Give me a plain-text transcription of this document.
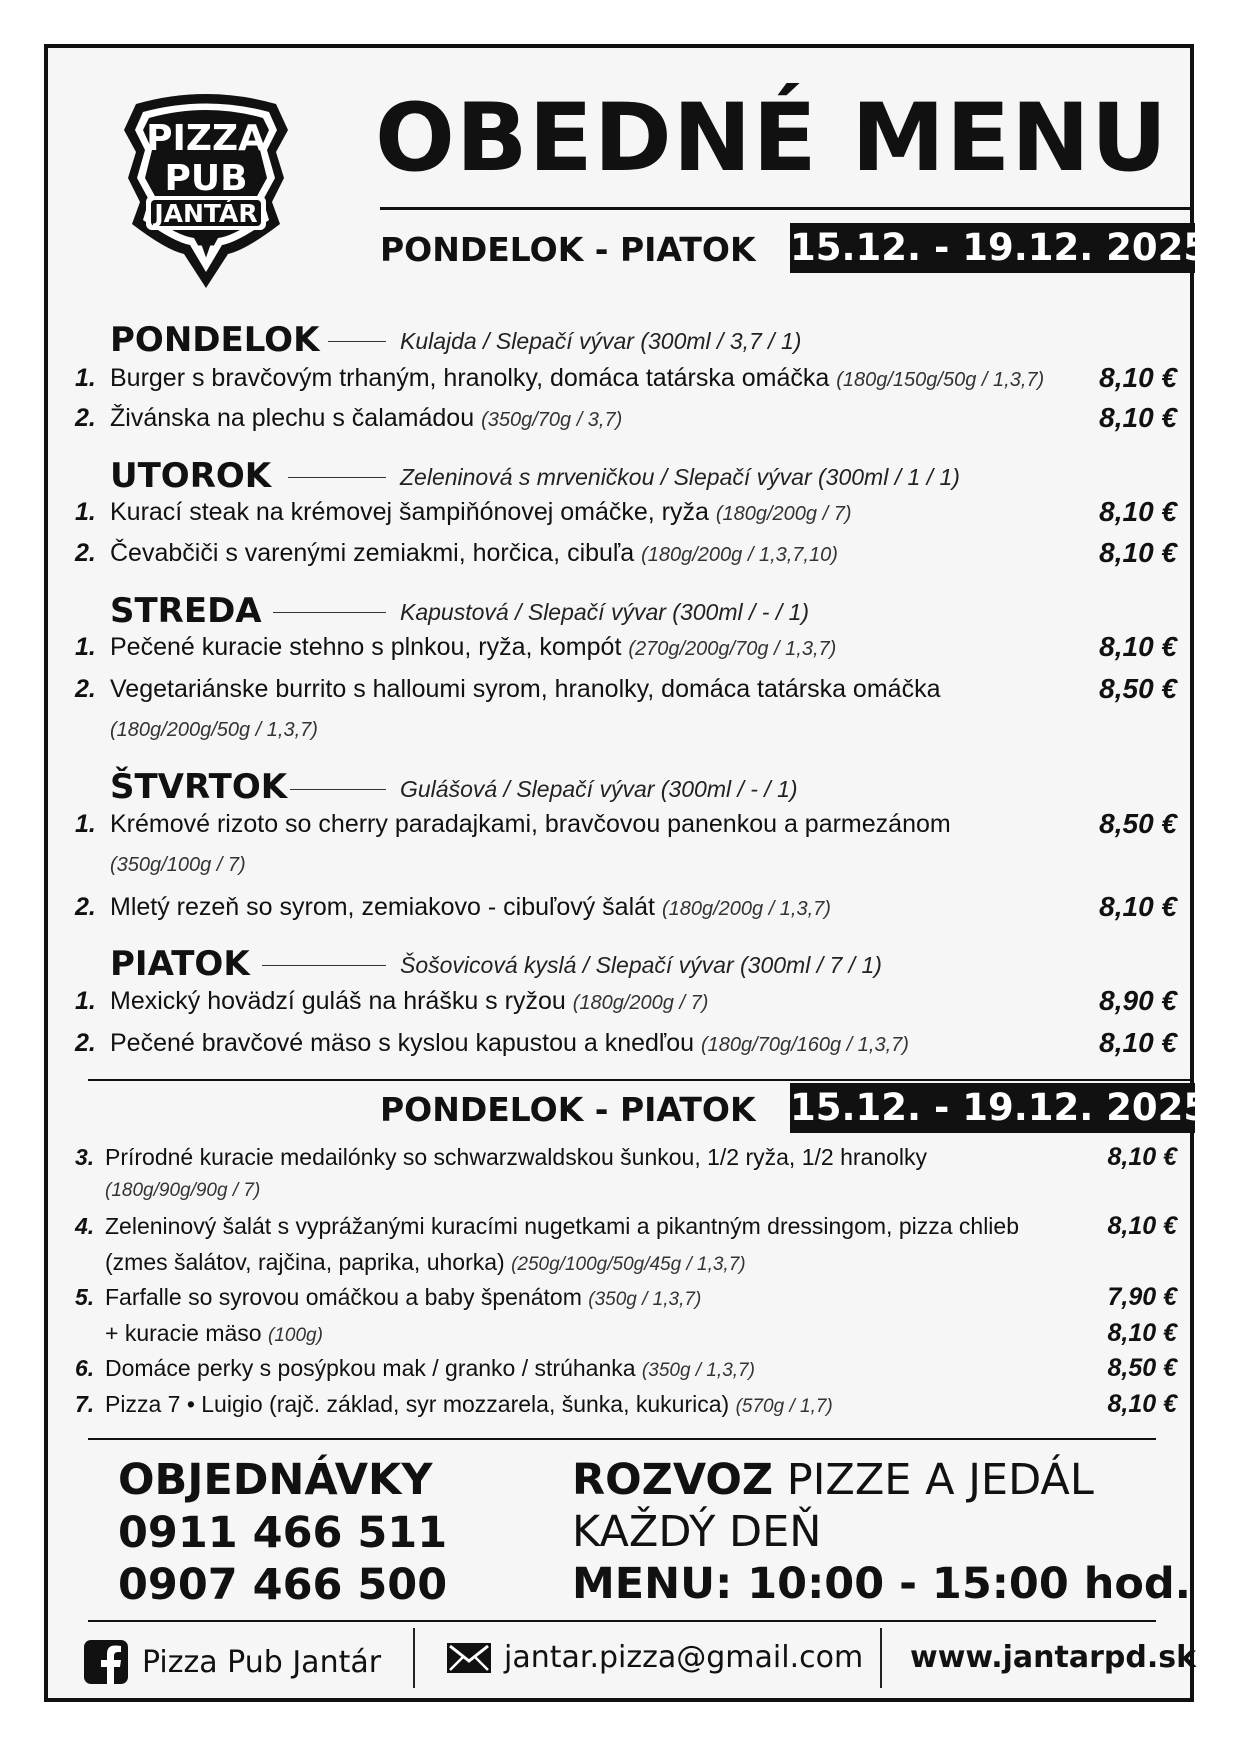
PIZZA
PUB
JANTÁR
V
OBEDNÉ MENU
PONDELOK - PIATOK 15.12. - 19.12. 2025
PONDELOK	Kulajda / Slepačí vývar (300ml / 3,7 / 1)
1. Burger s bravčovým trhaným, hranolky, domáca tatárska omáčka (180g/150g/50g / 1,3,7) 8,10 €
2. Živánska na plechu s čalamádou (350g/70g / 3,7)	8,10 €
UTOROK	Zeleninová s mrveničkou / Slepačí vývar (300ml / 1 / 1)
1. Kurací steak na krémovej šampiňónovej omáčke, ryža (180g/200g / 7)	8,10 €
2. Čevabčiči s varenými zemiakmi, horčica, cibuľa (180g/200g / 1,3,7,10)	8,10 €
STREDA	Kapustová / Slepačí vývar (300ml / - / 1)
1. Pečené kuracie stehno s plnkou, ryža, kompót (270g/200g/70g / 1,3,7)	8,10 €
2. Vegetariánske burrito s halloumi syrom, hranolky, domáca tatárska omáčka	8,50 €
(180g/200g/50g / 1,3,7)
ŠTVRTOK	Gulášová / Slepačí vývar (300ml / - / 1)
1. Krémové rizoto so cherry paradajkami, bravčovou panenkou a parmezánom	8,50 €
(350g/100g / 7)
2. Mletý rezeň so syrom, zemiakovo - cibuľový šalát (180g/200g / 1,3,7)	8,10 €
PIATOK	Šošovicová kyslá / Slepačí vývar (300ml / 7 / 1)
1. Mexický hovädzí guláš na hrášku s ryžou (180g/200g / 7)	8,90 €
2. Pečené bravčové mäso s kyslou kapustou a knedľou (180g/70g/160g / 1,3,7)	8,10 €
PONDELOK - PIATOK 15.12. - 19.12. 2025
3. Prírodné kuracie medailónky so schwarzwaldskou šunkou, 1/2 ryža, 1/2 hranolky	8,10 €
(180g/90g/90g / 7)
4. Zeleninový šalát s vyprážanými kuracími nugetkami a pikantným dressingom, pizza chlieb	8,10 €
(zmes šalátov, rajčina, paprika, uhorka) (250g/100g/50g/45g / 1,3,7)
5. Farfalle so syrovou omáčkou a baby špenátom (350g / 1,3,7)	7,90 €
+ kuracie mäso (100g)	8,10 €
6. Domáce perky s posýpkou mak / granko / strúhanka (350g / 1,3,7)	8,50 €
7. Pizza 7 • Luigio (rajč. základ, syr mozzarela, šunka, kukurica) (570g / 1,7)	8,10 €
OBJEDNÁVKY
0911 466 511
0907 466 500
ROZVOZ PIZZE A JEDÁL
KAŽDÝ DEŇ
MENU: 10:00 - 15:00 hod.
Pizza Pub Jantár	jantar.pizza@gmail.com www.jantarpd.sk
